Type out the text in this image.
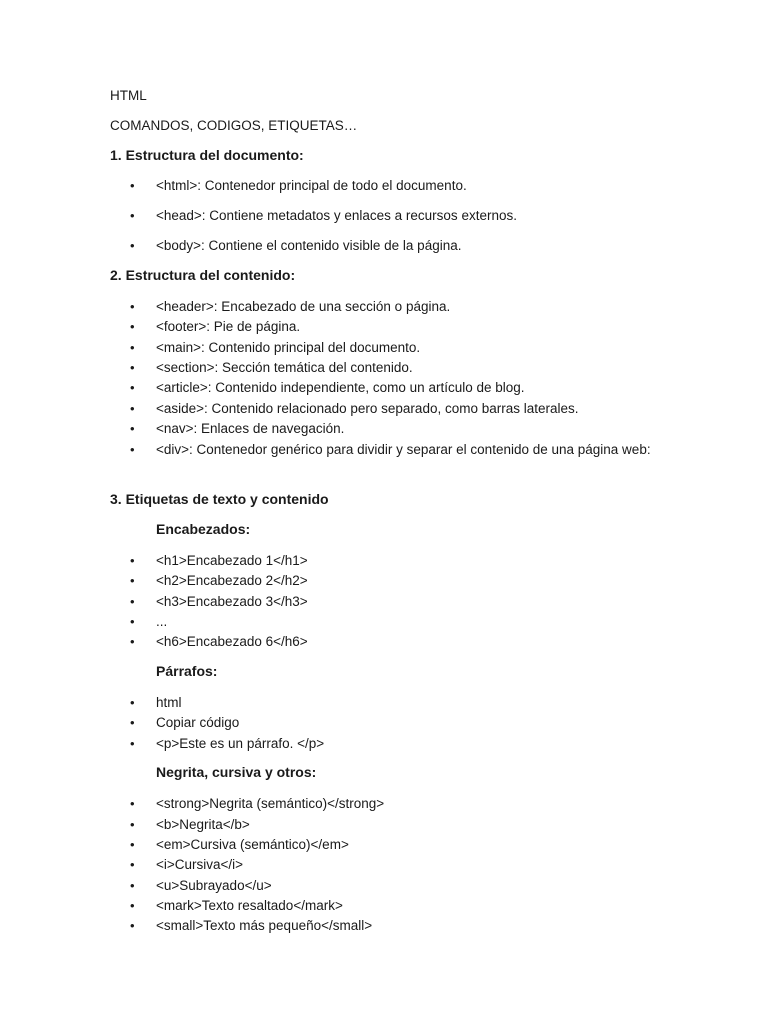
HTML
COMANDOS, CODIGOS, ETIQUETAS…
1. Estructura del documento:
• <html>: Contenedor principal de todo el documento.
• <head>: Contiene metadatos y enlaces a recursos externos.
• <body>: Contiene el contenido visible de la página.
2. Estructura del contenido:
• <header>: Encabezado de una sección o página.
• <footer>: Pie de página.
• <main>: Contenido principal del documento.
• <section>: Sección temática del contenido.
• <article>: Contenido independiente, como un artículo de blog.
• <aside>: Contenido relacionado pero separado, como barras laterales.
• <nav>: Enlaces de navegación.
• <div>: Contenedor genérico para dividir y separar el contenido de una página web:
3. Etiquetas de texto y contenido
Encabezados:
• <h1>Encabezado 1</h1>
• <h2>Encabezado 2</h2>
• <h3>Encabezado 3</h3>
• ...
• <h6>Encabezado 6</h6>
Párrafos:
• html
• Copiar código
• <p>Este es un párrafo. </p>
Negrita, cursiva y otros:
• <strong>Negrita (semántico)</strong>
• <b>Negrita</b>
• <em>Cursiva (semántico)</em>
• <i>Cursiva</i>
• <u>Subrayado</u>
• <mark>Texto resaltado</mark>
• <small>Texto más pequeño</small>
